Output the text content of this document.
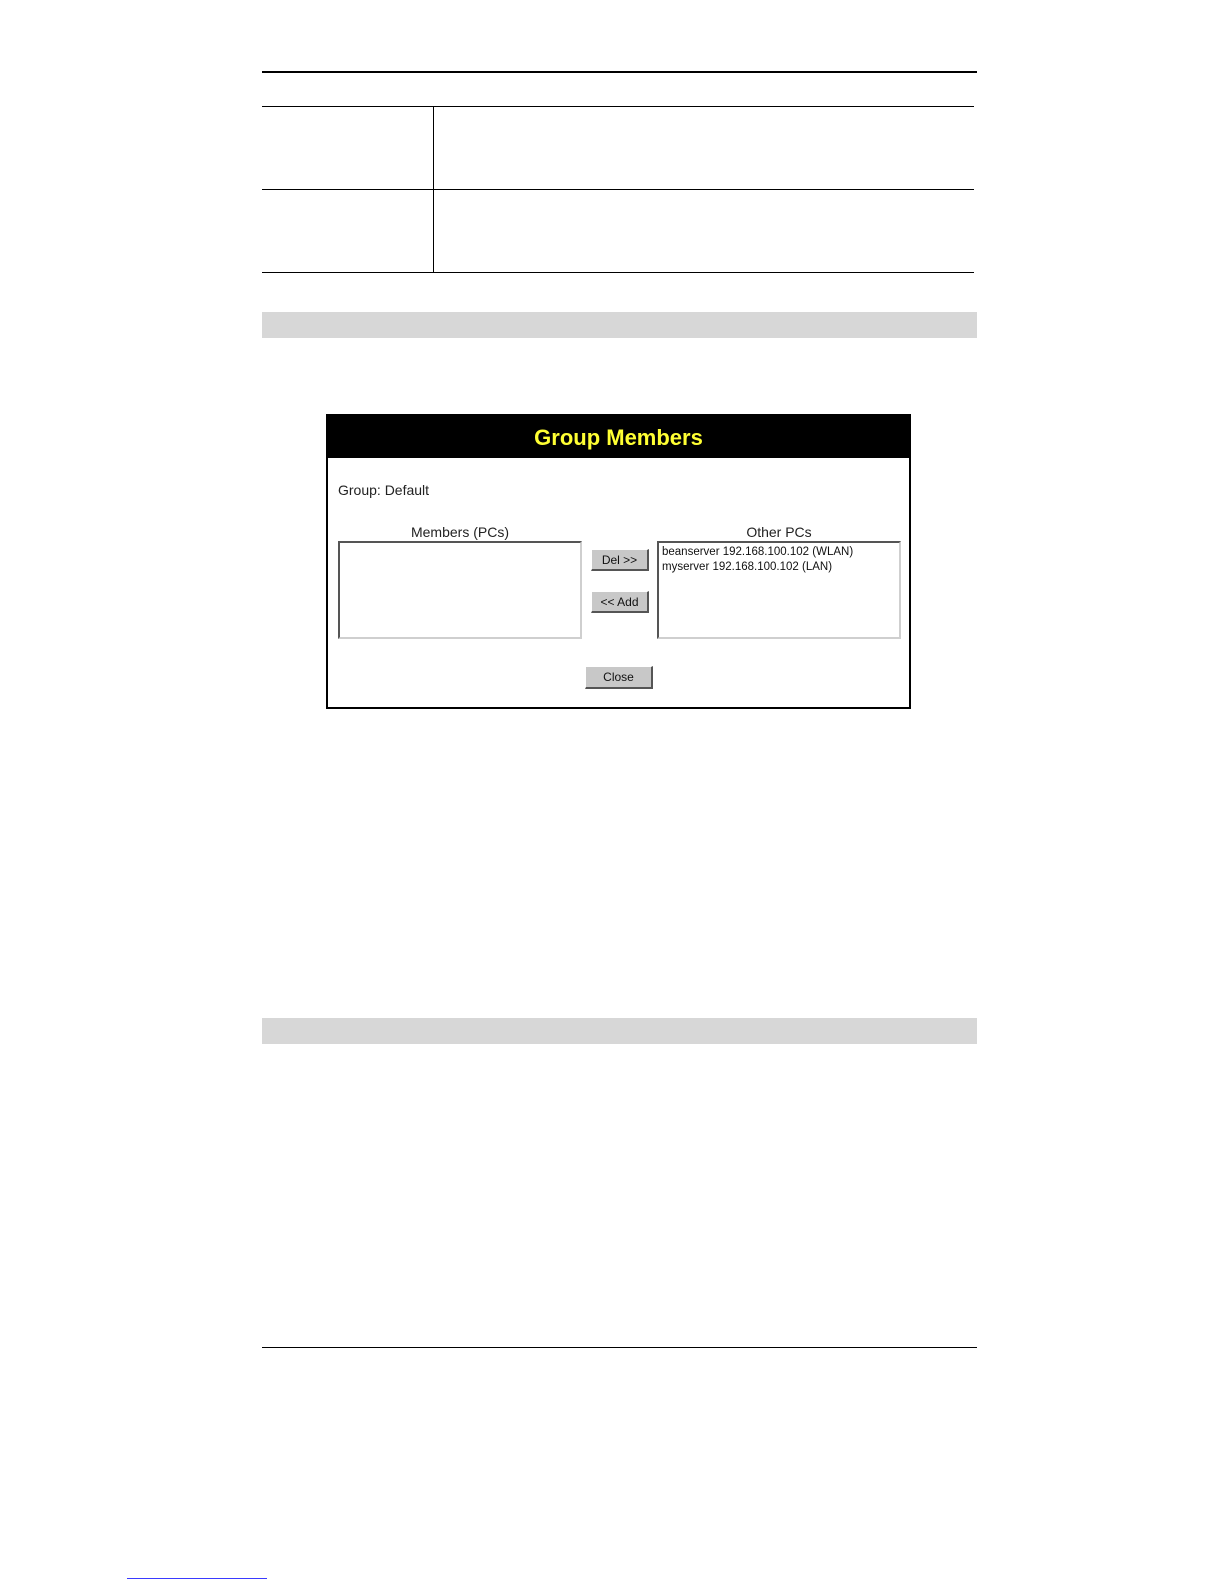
Group Members
Group: Default
Members (PCs)	Other PCs
beanserver 192.168.100.102 (WLAN)
myserver 192.168.100.102 (LAN)
Del >>
<< Add
Close
